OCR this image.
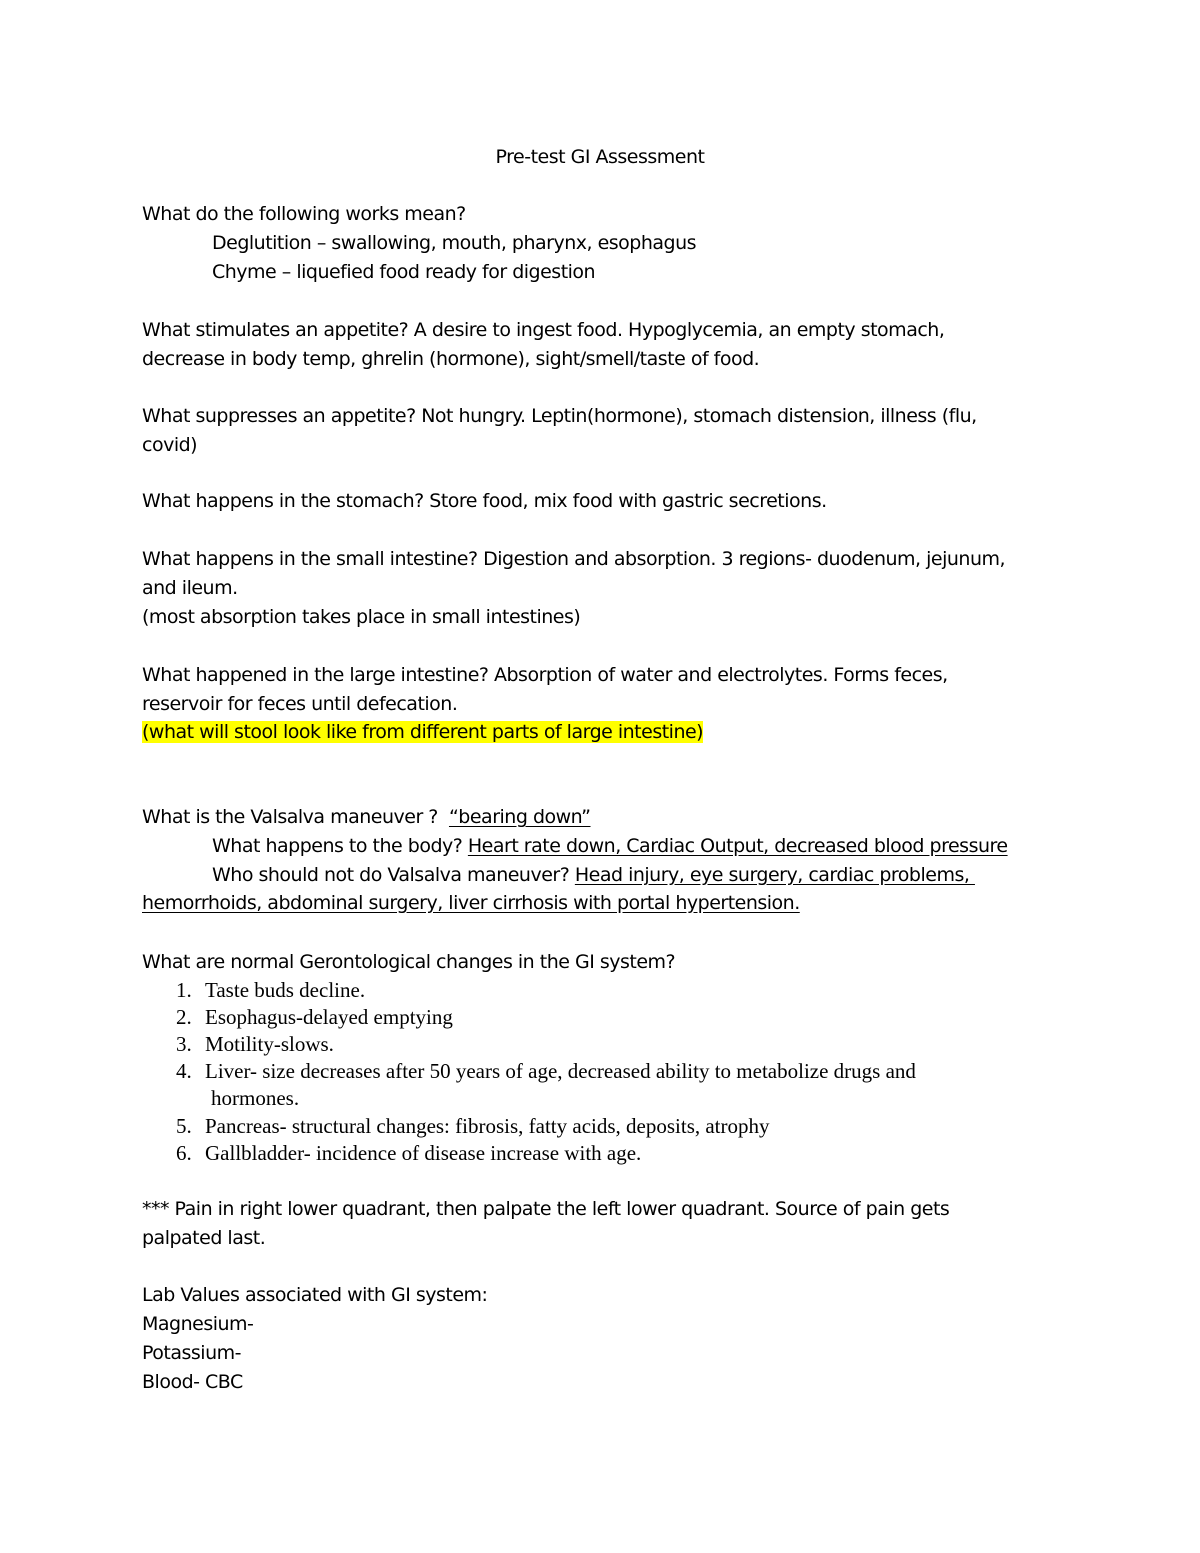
Pre-test GI Assessment
What do the following works mean?
Deglutition – swallowing, mouth, pharynx, esophagus
Chyme – liquefied food ready for digestion
What stimulates an appetite? A desire to ingest food. Hypoglycemia, an empty stomach,
decrease in body temp, ghrelin (hormone), sight/smell/taste of food.
What suppresses an appetite? Not hungry. Leptin(hormone), stomach distension, illness (flu,
covid)
What happens in the stomach? Store food, mix food with gastric secretions.
What happens in the small intestine? Digestion and absorption. 3 regions- duodenum, jejunum,
and ileum.
(most absorption takes place in small intestines)
What happened in the large intestine? Absorption of water and electrolytes. Forms feces,
reservoir for feces until defecation.
(what will stool look like from different parts of large intestine)
What is the Valsalva maneuver ?  “bearing down”
What happens to the body? Heart rate down, Cardiac Output, decreased blood pressure
Who should not do Valsalva maneuver? Head injury, eye surgery, cardiac problems,
hemorrhoids, abdominal surgery, liver cirrhosis with portal hypertension.
What are normal Gerontological changes in the GI system?
1. Taste buds decline.
2. Esophagus-delayed emptying
3. Motility-slows.
4. Liver- size decreases after 50 years of age, decreased ability to metabolize drugs and
hormones.
5. Pancreas- structural changes: fibrosis, fatty acids, deposits, atrophy
6. Gallbladder- incidence of disease increase with age.
*** Pain in right lower quadrant, then palpate the left lower quadrant. Source of pain gets
palpated last.
Lab Values associated with GI system:
Magnesium-
Potassium-
Blood- CBC
